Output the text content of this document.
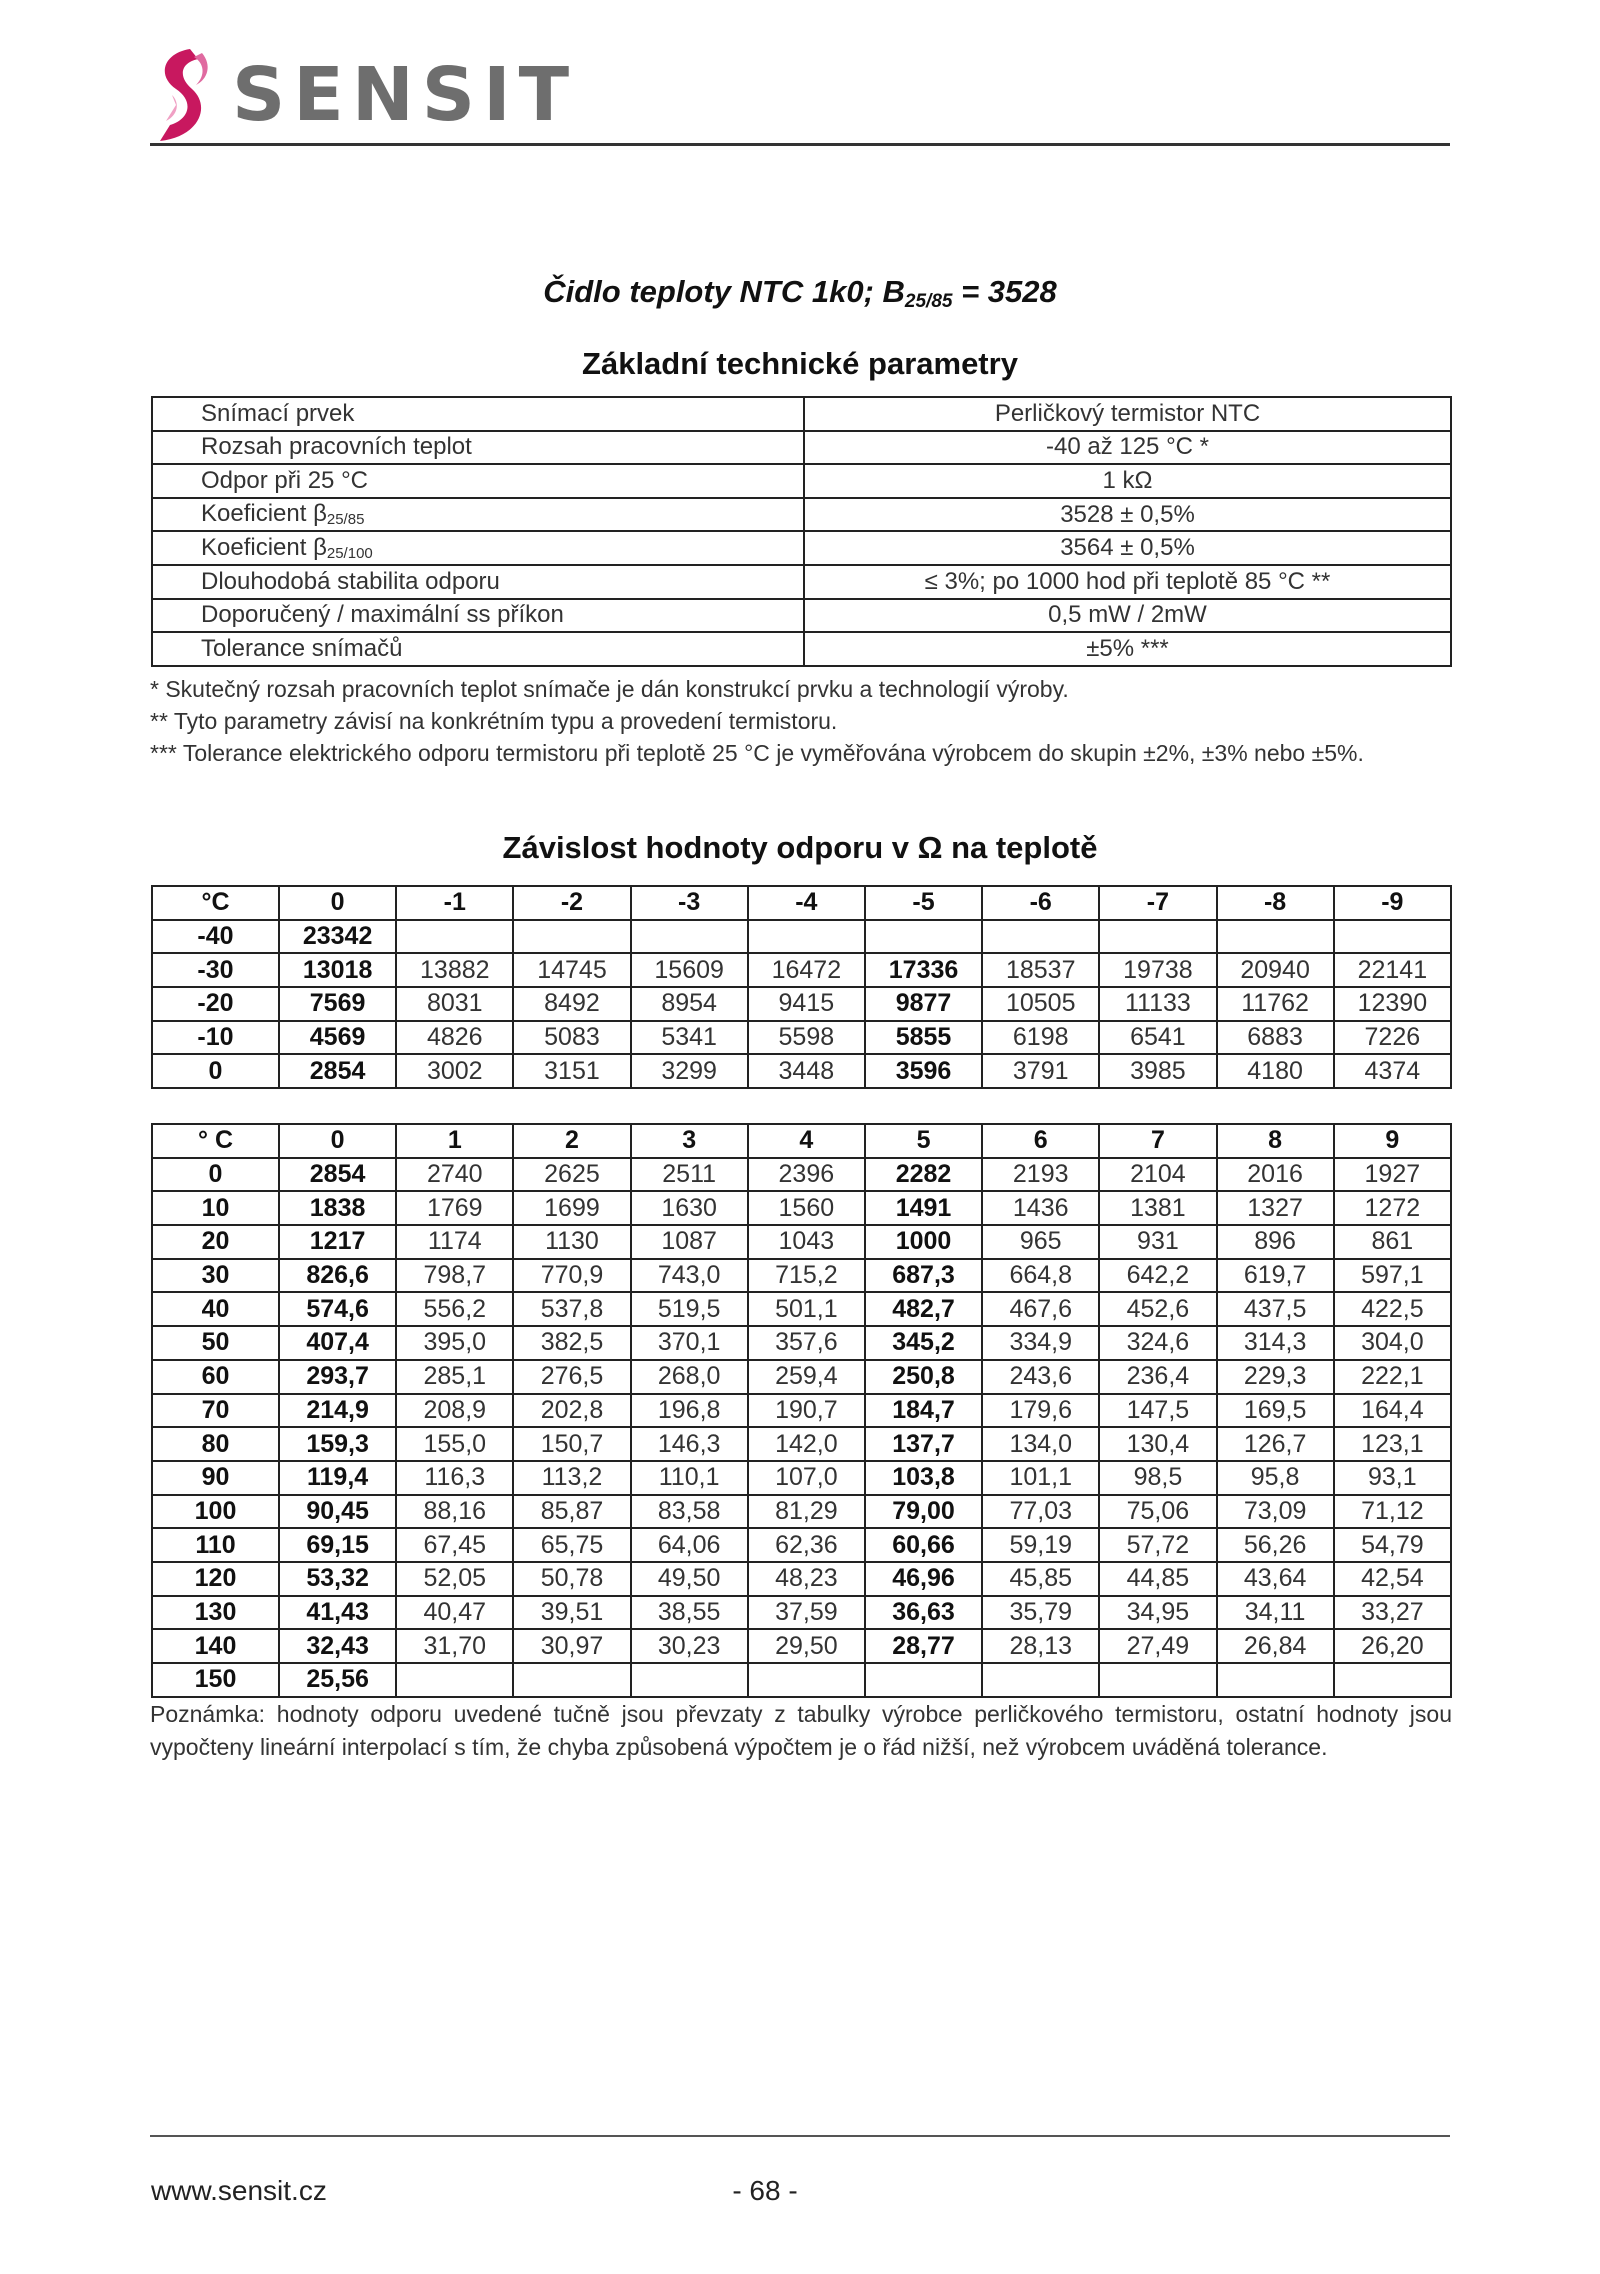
SENSIT
Čidlo teploty NTC 1k0; $B_{25/85} = 3528$
Základní technické parametry
Snímací prvek	Perličkový termistor NTC
Rozsah pracovních teplot	-40 až 125 °C *
Odpor při 25 °C	1 kΩ
Koeficient $\beta_{25/85}$	3528 ± 0,5%
Koeficient $\beta_{25/100}$	3564 ± 0,5%
Dlouhodobá stabilita odporu	≤ 3%; po 1000 hod při teplotě 85 °C **
Doporučený / maximální ss příkon	0,5 mW / 2mW
Tolerance snímačů	±5% ***
* Skutečný rozsah pracovních teplot snímače je dán konstrukcí prvku a technologií výroby.
** Tyto parametry závisí na konkrétním typu a provedení termistoru.
*** Tolerance elektrického odporu termistoru při teplotě 25 °C je vyměřována výrobcem do skupin ±2%, ±3% nebo ±5%.
Závislost hodnoty odporu v Ω na teplotě
°C	0	-1	-2	-3	-4	-5	-6	-7	-8	-9
-40	23342									
-30	13018	13882	14745	15609	16472	17336	18537	19738	20940	22141
-20	7569	8031	8492	8954	9415	9877	10505	11133	11762	12390
-10	4569	4826	5083	5341	5598	5855	6198	6541	6883	7226
0	2854	3002	3151	3299	3448	3596	3791	3985	4180	4374
° C	0	1	2	3	4	5	6	7	8	9
0	2854	2740	2625	2511	2396	2282	2193	2104	2016	1927
10	1838	1769	1699	1630	1560	1491	1436	1381	1327	1272
20	1217	1174	1130	1087	1043	1000	965	931	896	861
30	826,6	798,7	770,9	743,0	715,2	687,3	664,8	642,2	619,7	597,1
40	574,6	556,2	537,8	519,5	501,1	482,7	467,6	452,6	437,5	422,5
50	407,4	395,0	382,5	370,1	357,6	345,2	334,9	324,6	314,3	304,0
60	293,7	285,1	276,5	268,0	259,4	250,8	243,6	236,4	229,3	222,1
70	214,9	208,9	202,8	196,8	190,7	184,7	179,6	147,5	169,5	164,4
80	159,3	155,0	150,7	146,3	142,0	137,7	134,0	130,4	126,7	123,1
90	119,4	116,3	113,2	110,1	107,0	103,8	101,1	98,5	95,8	93,1
100	90,45	88,16	85,87	83,58	81,29	79,00	77,03	75,06	73,09	71,12
110	69,15	67,45	65,75	64,06	62,36	60,66	59,19	57,72	56,26	54,79
120	53,32	52,05	50,78	49,50	48,23	46,96	45,85	44,85	43,64	42,54
130	41,43	40,47	39,51	38,55	37,59	36,63	35,79	34,95	34,11	33,27
140	32,43	31,70	30,97	30,23	29,50	28,77	28,13	27,49	26,84	26,20
150	25,56									
Poznámka: hodnoty odporu uvedené tučně jsou převzaty z tabulky výrobce perličkového termistoru, ostatní hodnoty jsou vypočteny lineární interpolací s tím, že chyba způsobená výpočtem je o řád nižší, než výrobcem uváděná tolerance.
www.sensit.cz	- 68 -
